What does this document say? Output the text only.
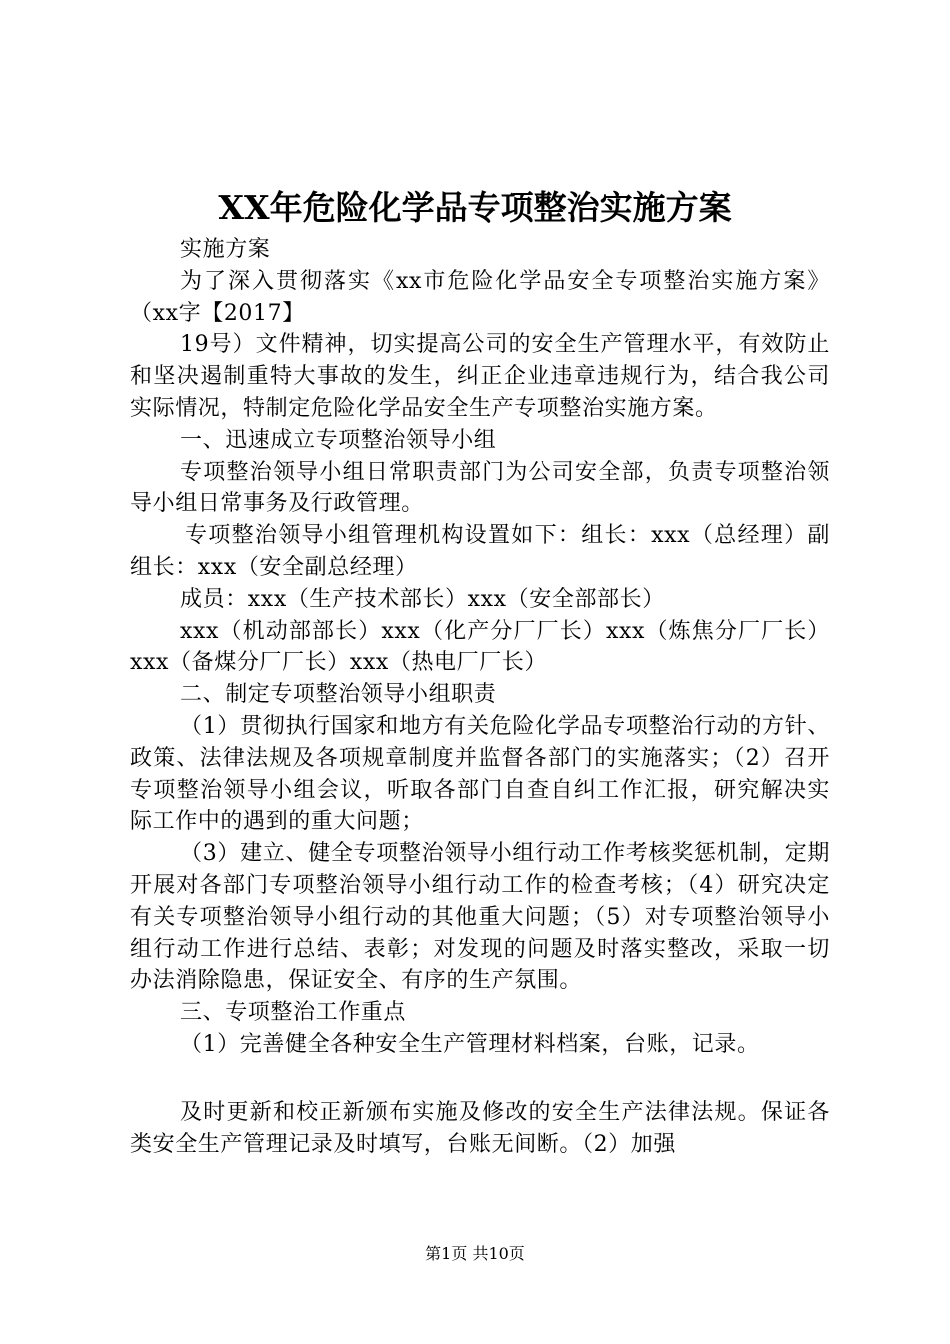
XX年危险化学品专项整治实施方案

实施方案

为了深入贯彻落实《xx市危险化学品安全专项整治实施方案》（xx字【2017】

19号）文件精神，切实提高公司的安全生产管理水平，有效防止和坚决遏制重特大事故的发生，纠正企业违章违规行为，结合我公司实际情况，特制定危险化学品安全生产专项整治实施方案。

一、迅速成立专项整治领导小组

专项整治领导小组日常职责部门为公司安全部，负责专项整治领导小组日常事务及行政管理。

专项整治领导小组管理机构设置如下：组长：xxx（总经理）副组长：xxx（安全副总经理）

成员：xxx（生产技术部长）xxx（安全部部长）

xxx（机动部部长）xxx（化产分厂厂长）xxx（炼焦分厂厂长）xxx（备煤分厂厂长）xxx（热电厂厂长）

二、制定专项整治领导小组职责

（1）贯彻执行国家和地方有关危险化学品专项整治行动的方针、政策、法律法规及各项规章制度并监督各部门的实施落实；（2）召开专项整治领导小组会议，听取各部门自查自纠工作汇报，研究解决实际工作中的遇到的重大问题；

（3）建立、健全专项整治领导小组行动工作考核奖惩机制，定期开展对各部门专项整治领导小组行动工作的检查考核；（4）研究决定有关专项整治领导小组行动的其他重大问题；（5）对专项整治领导小组行动工作进行总结、表彰；对发现的问题及时落实整改，采取一切办法消除隐患，保证安全、有序的生产氛围。

三、专项整治工作重点

（1）完善健全各种安全生产管理材料档案，台账，记录。

及时更新和校正新颁布实施及修改的安全生产法律法规。保证各类安全生产管理记录及时填写，台账无间断。（2）加强

第1页 共10页
